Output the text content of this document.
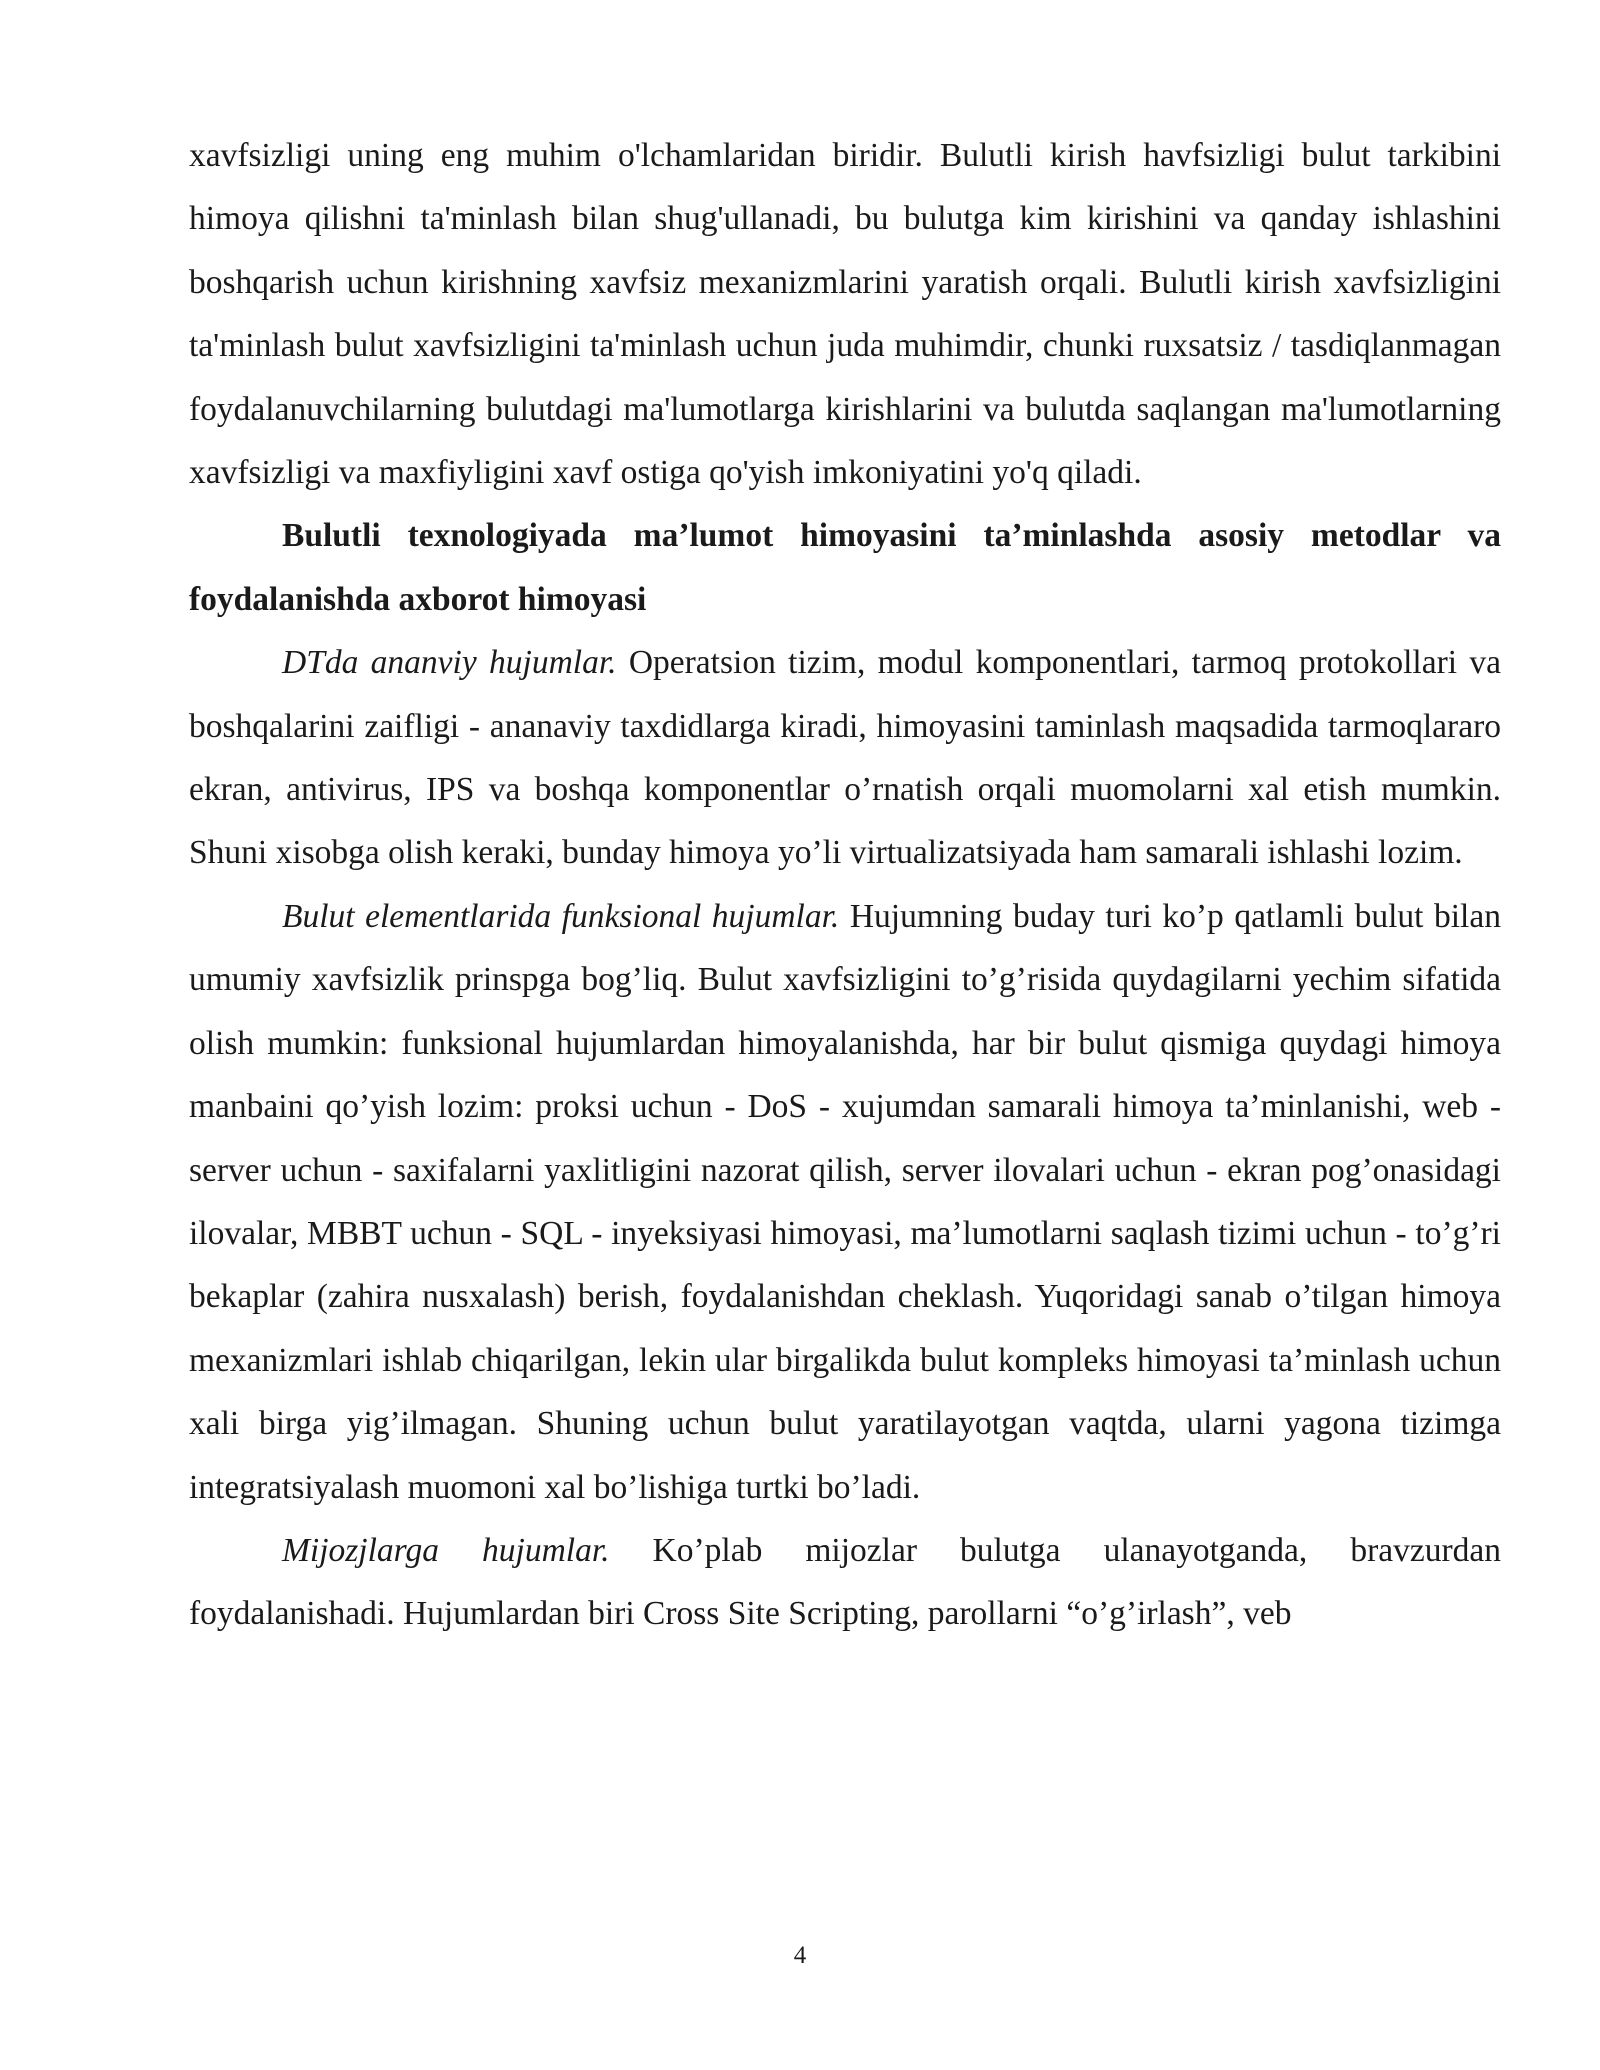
xavfsizligi uning eng muhim o'lchamlaridan biridir. Bulutli kirish havfsizligi bulut tarkibini himoya qilishni ta'minlash bilan shug'ullanadi, bu bulutga kim kirishini va qanday ishlashini boshqarish uchun kirishning xavfsiz mexanizmlarini yaratish orqali. Bulutli kirish xavfsizligini ta'minlash bulut xavfsizligini ta'minlash uchun juda muhimdir, chunki ruxsatsiz / tasdiqlanmagan foydalanuvchilarning bulutdagi ma'lumotlarga kirishlarini va bulutda saqlangan ma'lumotlarning xavfsizligi va maxfiyligini xavf ostiga qo'yish imkoniyatini yo'q qiladi.

Bulutli texnologiyada ma’lumot himoyasini ta’minlashda asosiy metodlar va foydalanishda axborot himoyasi

DTda ananviy hujumlar. Operatsion tizim, modul komponentlari, tarmoq protokollari va boshqalarini zaifligi - ananaviy taxdidlarga kiradi, himoyasini taminlash maqsadida tarmoqlararo ekran, antivirus, IPS va boshqa komponentlar o’rnatish orqali muomolarni xal etish mumkin. Shuni xisobga olish keraki, bunday himoya yo’li virtualizatsiyada ham samarali ishlashi lozim.

Bulut elementlarida funksional hujumlar. Hujumning buday turi ko’p qatlamli bulut bilan umumiy xavfsizlik prinspga bog’liq. Bulut xavfsizligini to’g’risida quydagilarni yechim sifatida olish mumkin: funksional hujumlardan himoyalanishda, har bir bulut qismiga quydagi himoya manbaini qo’yish lozim: proksi uchun - DoS - xujumdan samarali himoya ta’minlanishi, web - server uchun - saxifalarni yaxlitligini nazorat qilish, server ilovalari uchun - ekran pog’onasidagi ilovalar, MBBT uchun - SQL - inyeksiyasi himoyasi, ma’lumotlarni saqlash tizimi uchun - to’g’ri bekaplar (zahira nusxalash) berish, foydalanishdan cheklash. Yuqoridagi sanab o’tilgan himoya mexanizmlari ishlab chiqarilgan, lekin ular birgalikda bulut kompleks himoyasi ta’minlash uchun xali birga yig’ilmagan. Shuning uchun bulut yaratilayotgan vaqtda, ularni yagona tizimga integratsiyalash muomoni xal bo’lishiga turtki bo’ladi.

Mijozjlarga hujumlar. Ko’plab mijozlar bulutga ulanayotganda, bravzurdan foydalanishadi. Hujumlardan biri Cross Site Scripting, parollarni “o’g’irlash”, veb

4
